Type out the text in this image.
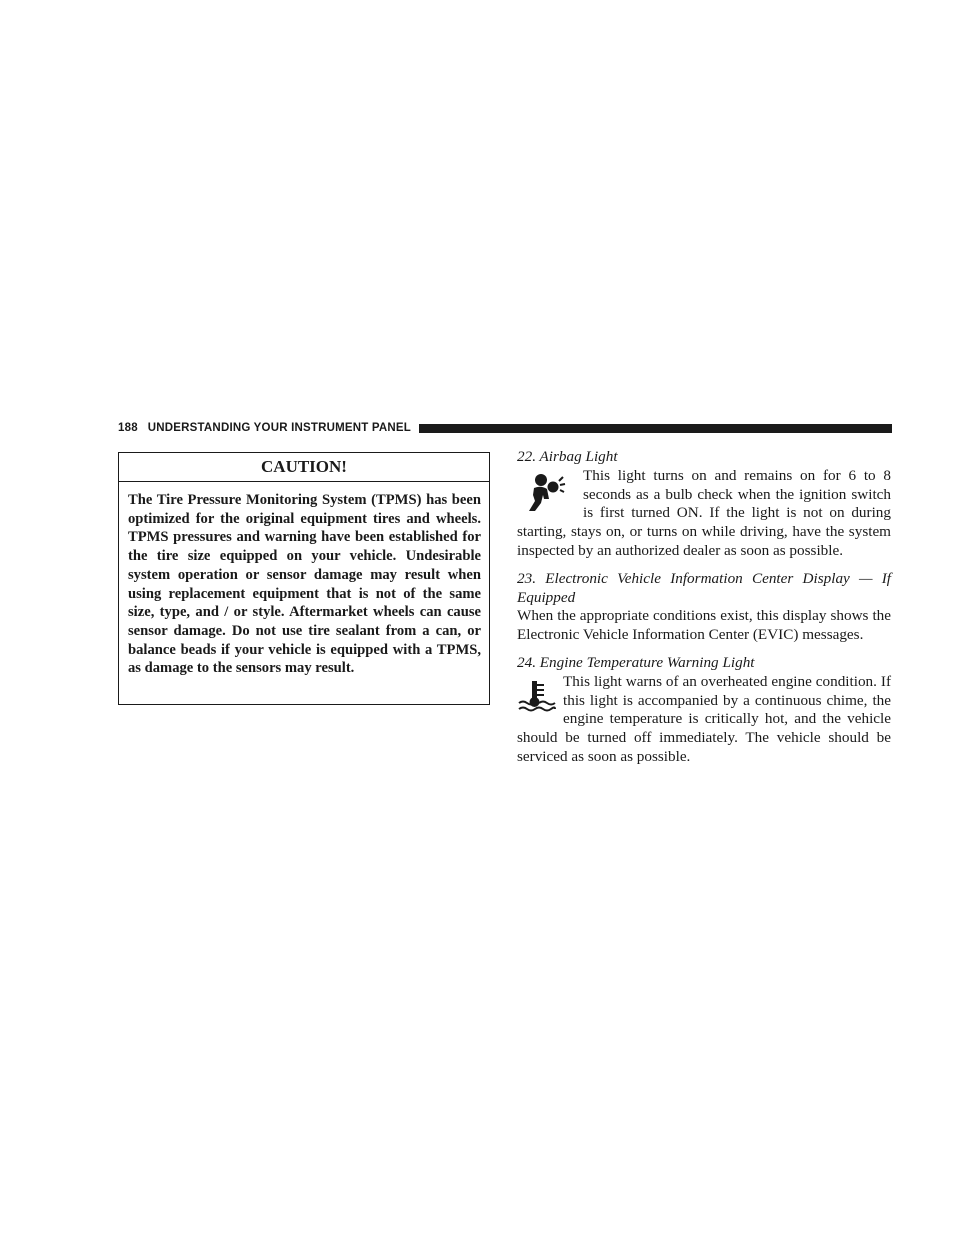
188 UNDERSTANDING YOUR INSTRUMENT PANEL
CAUTION!
The Tire Pressure Monitoring System (TPMS) has been optimized for the original equipment tires and wheels. TPMS pressures and warning have been established for the tire size equipped on your vehicle. Undesirable system operation or sensor damage may result when using replacement equipment that is not of the same size, type, and / or style. Aftermarket wheels can cause sensor damage. Do not use tire sealant from a can, or balance beads if your vehicle is equipped with a TPMS, as damage to the sensors may result.

22. Airbag Light

This light turns on and remains on for 6 to 8 seconds as a bulb check when the ignition switch is first turned ON. If the light is not on during starting, stays on, or turns on while driving, have the system inspected by an authorized dealer as soon as possible.

23. Electronic Vehicle Information Center Display — If Equipped

When the appropriate conditions exist, this display shows the Electronic Vehicle Information Center (EVIC) messages.

24. Engine Temperature Warning Light

This light warns of an overheated engine condition. If this light is accompanied by a continuous chime, the engine temperature is critically hot, and the vehicle should be turned off immediately. The vehicle should be serviced as soon as possible.
